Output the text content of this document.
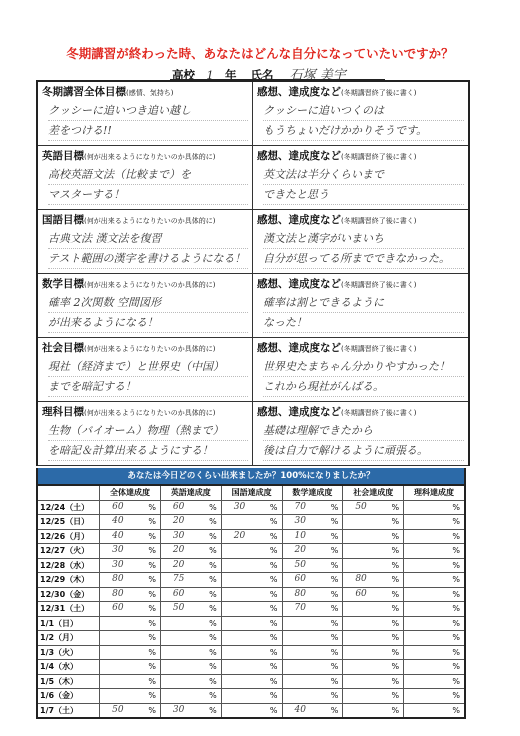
冬期講習が終わった時、あなたはどんな自分になっていたいですか？
高校 1 年 氏名 石塚 美宇
冬期講習全体目標(感情、気持ち)
クッシーに追いつき追い越し
差をつける!!
感想、達成度など(冬期講習終了後に書く)
クッシーに追いつくのは
もうちょいだけかかりそうです。
英語目標(何が出来るようになりたいのか具体的に)
高校英語文法（比較まで）を
マスターする！
感想、達成度など(冬期講習終了後に書く)
英文法は半分くらいまで
できたと思う
国語目標(何が出来るようになりたいのか具体的に)
古典文法 漢文法を復習
テスト範囲の漢字を書けるようになる！
感想、達成度など(冬期講習終了後に書く)
漢文法と漢字がいまいち
自分が思ってる所までできなかった。
数学目標(何が出来るようになりたいのか具体的に)
確率 2次関数 空間図形
が出来るようになる！
感想、達成度など(冬期講習終了後に書く)
確率は割とできるように
なった！
社会目標(何が出来るようになりたいのか具体的に)
現社（経済まで）と世界史（中国）
までを暗記する！
感想、達成度など(冬期講習終了後に書く)
世界史たまちゃん分かりやすかった！
これから現社がんばる。
理科目標(何が出来るようになりたいのか具体的に)
生物（バイオーム）物理（熱まで）
を暗記＆計算出来るようにする！
感想、達成度など(冬期講習終了後に書く)
基礎は理解できたから
後は自力で解けるように頑張る。
あなたは今日どのくらい出来ましたか？100%になりましたか？
	全体達成度	英語達成度	国語達成度	数学達成度	社会達成度	理科達成度
12/24（土）	60 %	60 %	30 %	70 %	50 %	%

12/25（日）	40 %	20 %	%	30 %	%	%

12/26（月）	40 %	30 %	20 %	10 %	%	%

12/27（火）	30 %	20 %	%	20 %	%	%

12/28（水）	30 %	20 %	%	50 %	%	%

12/29（木）	80 %	75 %	%	60 %	80 %	%

12/30（金）	80 %	60 %	%	80 %	60 %	%

12/31（土）	60 %	50 %	%	70 %	%	%

1/1（日）	%	%	%	%	%	%

1/2（月）	%	%	%	%	%	%

1/3（火）	%	%	%	%	%	%

1/4（水）	%	%	%	%	%	%

1/5（木）	%	%	%	%	%	%

1/6（金）	%	%	%	%	%	%

1/7（土）	50 %	30 %	%	40 %	%	%
